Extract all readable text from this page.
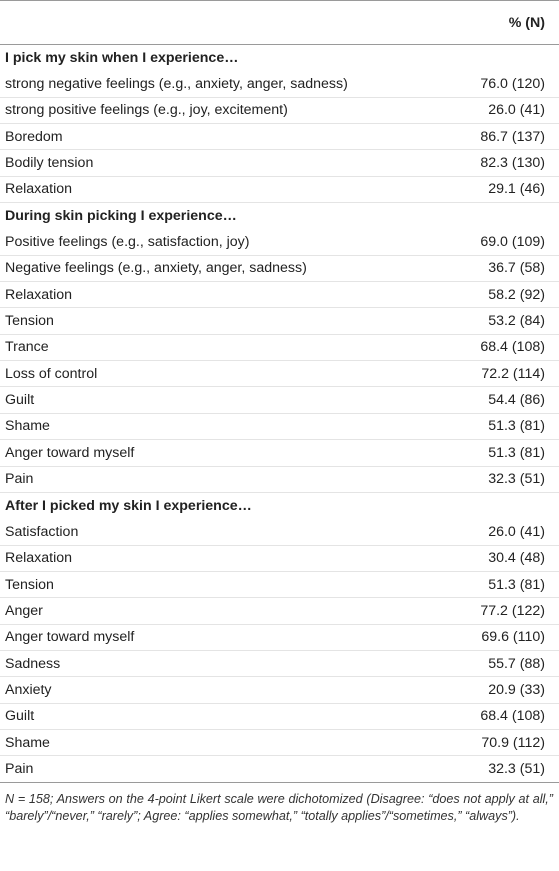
	% (N)
I pick my skin when I experience…	
strong negative feelings (e.g., anxiety, anger, sadness)	76.0 (120)
strong positive feelings (e.g., joy, excitement)	26.0 (41)
Boredom	86.7 (137)
Bodily tension	82.3 (130)
Relaxation	29.1 (46)
During skin picking I experience…	
Positive feelings (e.g., satisfaction, joy)	69.0 (109)
Negative feelings (e.g., anxiety, anger, sadness)	36.7 (58)
Relaxation	58.2 (92)
Tension	53.2 (84)
Trance	68.4 (108)
Loss of control	72.2 (114)
Guilt	54.4 (86)
Shame	51.3 (81)
Anger toward myself	51.3 (81)
Pain	32.3 (51)
After I picked my skin I experience…	
Satisfaction	26.0 (41)
Relaxation	30.4 (48)
Tension	51.3 (81)
Anger	77.2 (122)
Anger toward myself	69.6 (110)
Sadness	55.7 (88)
Anxiety	20.9 (33)
Guilt	68.4 (108)
Shame	70.9 (112)
Pain	32.3 (51)
N = 158; Answers on the 4-point Likert scale were dichotomized (Disagree: “does not apply at all,” “barely”/“never,” “rarely”; Agree: “applies somewhat,” “totally applies”/“sometimes,” “always”).
